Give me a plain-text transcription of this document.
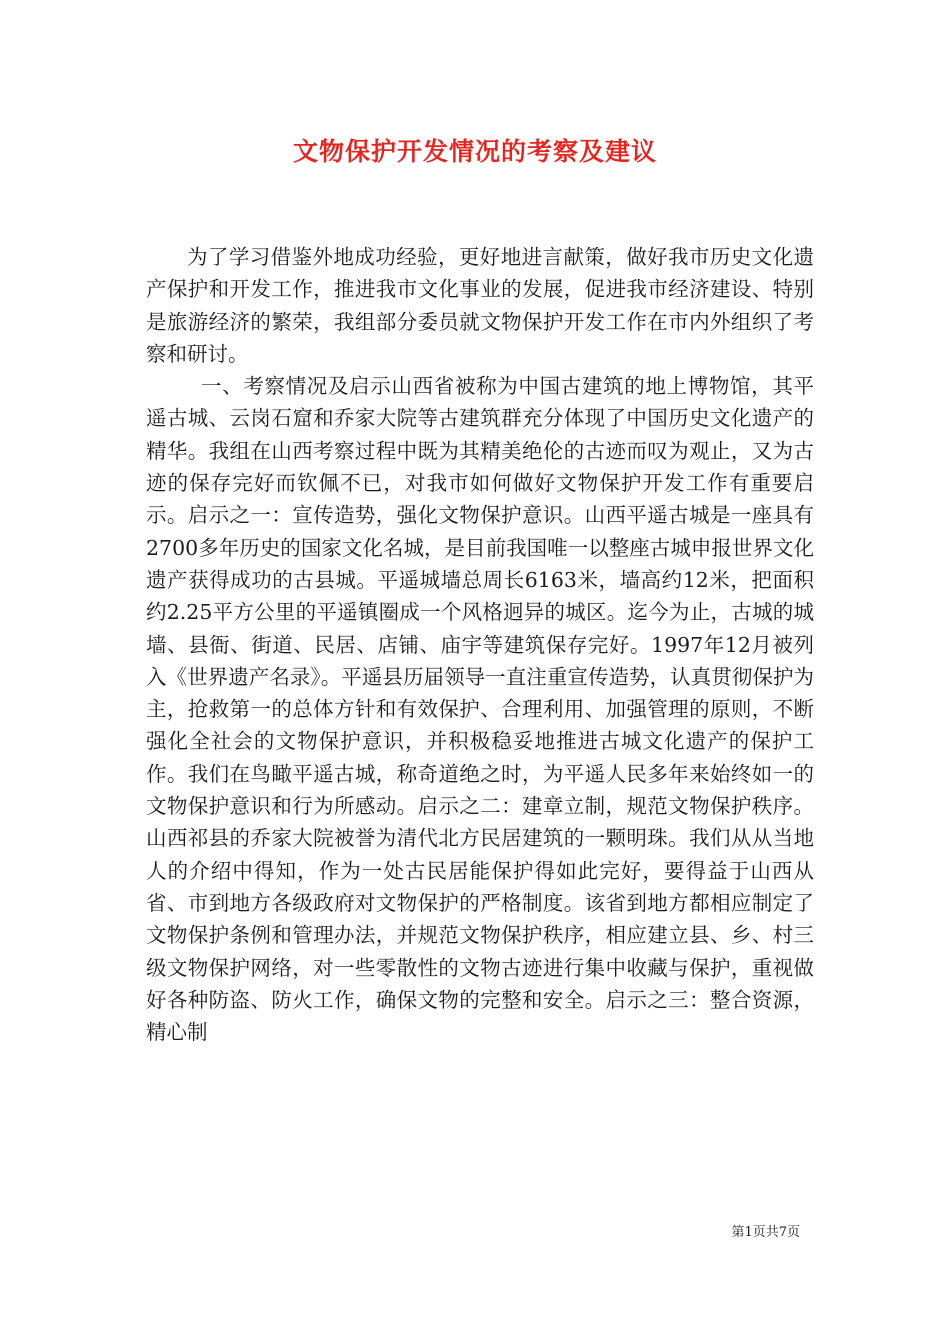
文物保护开发情况的考察及建议

为了学习借鉴外地成功经验，更好地进言献策，做好我市历史文化遗产保护和开发工作，推进我市文化事业的发展，促进我市经济建设、特别是旅游经济的繁荣，我组部分委员就文物保护开发工作在市内外组织了考察和研讨。

一、考察情况及启示山西省被称为中国古建筑的地上博物馆，其平遥古城、云岗石窟和乔家大院等古建筑群充分体现了中国历史文化遗产的精华。我组在山西考察过程中既为其精美绝伦的古迹而叹为观止，又为古迹的保存完好而钦佩不已，对我市如何做好文物保护开发工作有重要启示。启示之一：宣传造势，强化文物保护意识。山西平遥古城是一座具有2700多年历史的国家文化名城，是目前我国唯一以整座古城申报世界文化遗产获得成功的古县城。平遥城墙总周长6163米，墙高约12米，把面积约2.25平方公里的平遥镇圈成一个风格迥异的城区。迄今为止，古城的城墙、县衙、街道、民居、店铺、庙宇等建筑保存完好。1997年12月被列入《世界遗产名录》。平遥县历届领导一直注重宣传造势，认真贯彻保护为主，抢救第一的总体方针和有效保护、合理利用、加强管理的原则，不断强化全社会的文物保护意识，并积极稳妥地推进古城文化遗产的保护工作。我们在鸟瞰平遥古城，称奇道绝之时，为平遥人民多年来始终如一的文物保护意识和行为所感动。启示之二：建章立制，规范文物保护秩序。山西祁县的乔家大院被誉为清代北方民居建筑的一颗明珠。我们从从当地人的介绍中得知，作为一处古民居能保护得如此完好，要得益于山西从省、市到地方各级政府对文物保护的严格制度。该省到地方都相应制定了文物保护条例和管理办法，并规范文物保护秩序，相应建立县、乡、村三级文物保护网络，对一些零散性的文物古迹进行集中收藏与保护，重视做好各种防盗、防火工作，确保文物的完整和安全。启示之三：整合资源，精心制

第1页共7页
